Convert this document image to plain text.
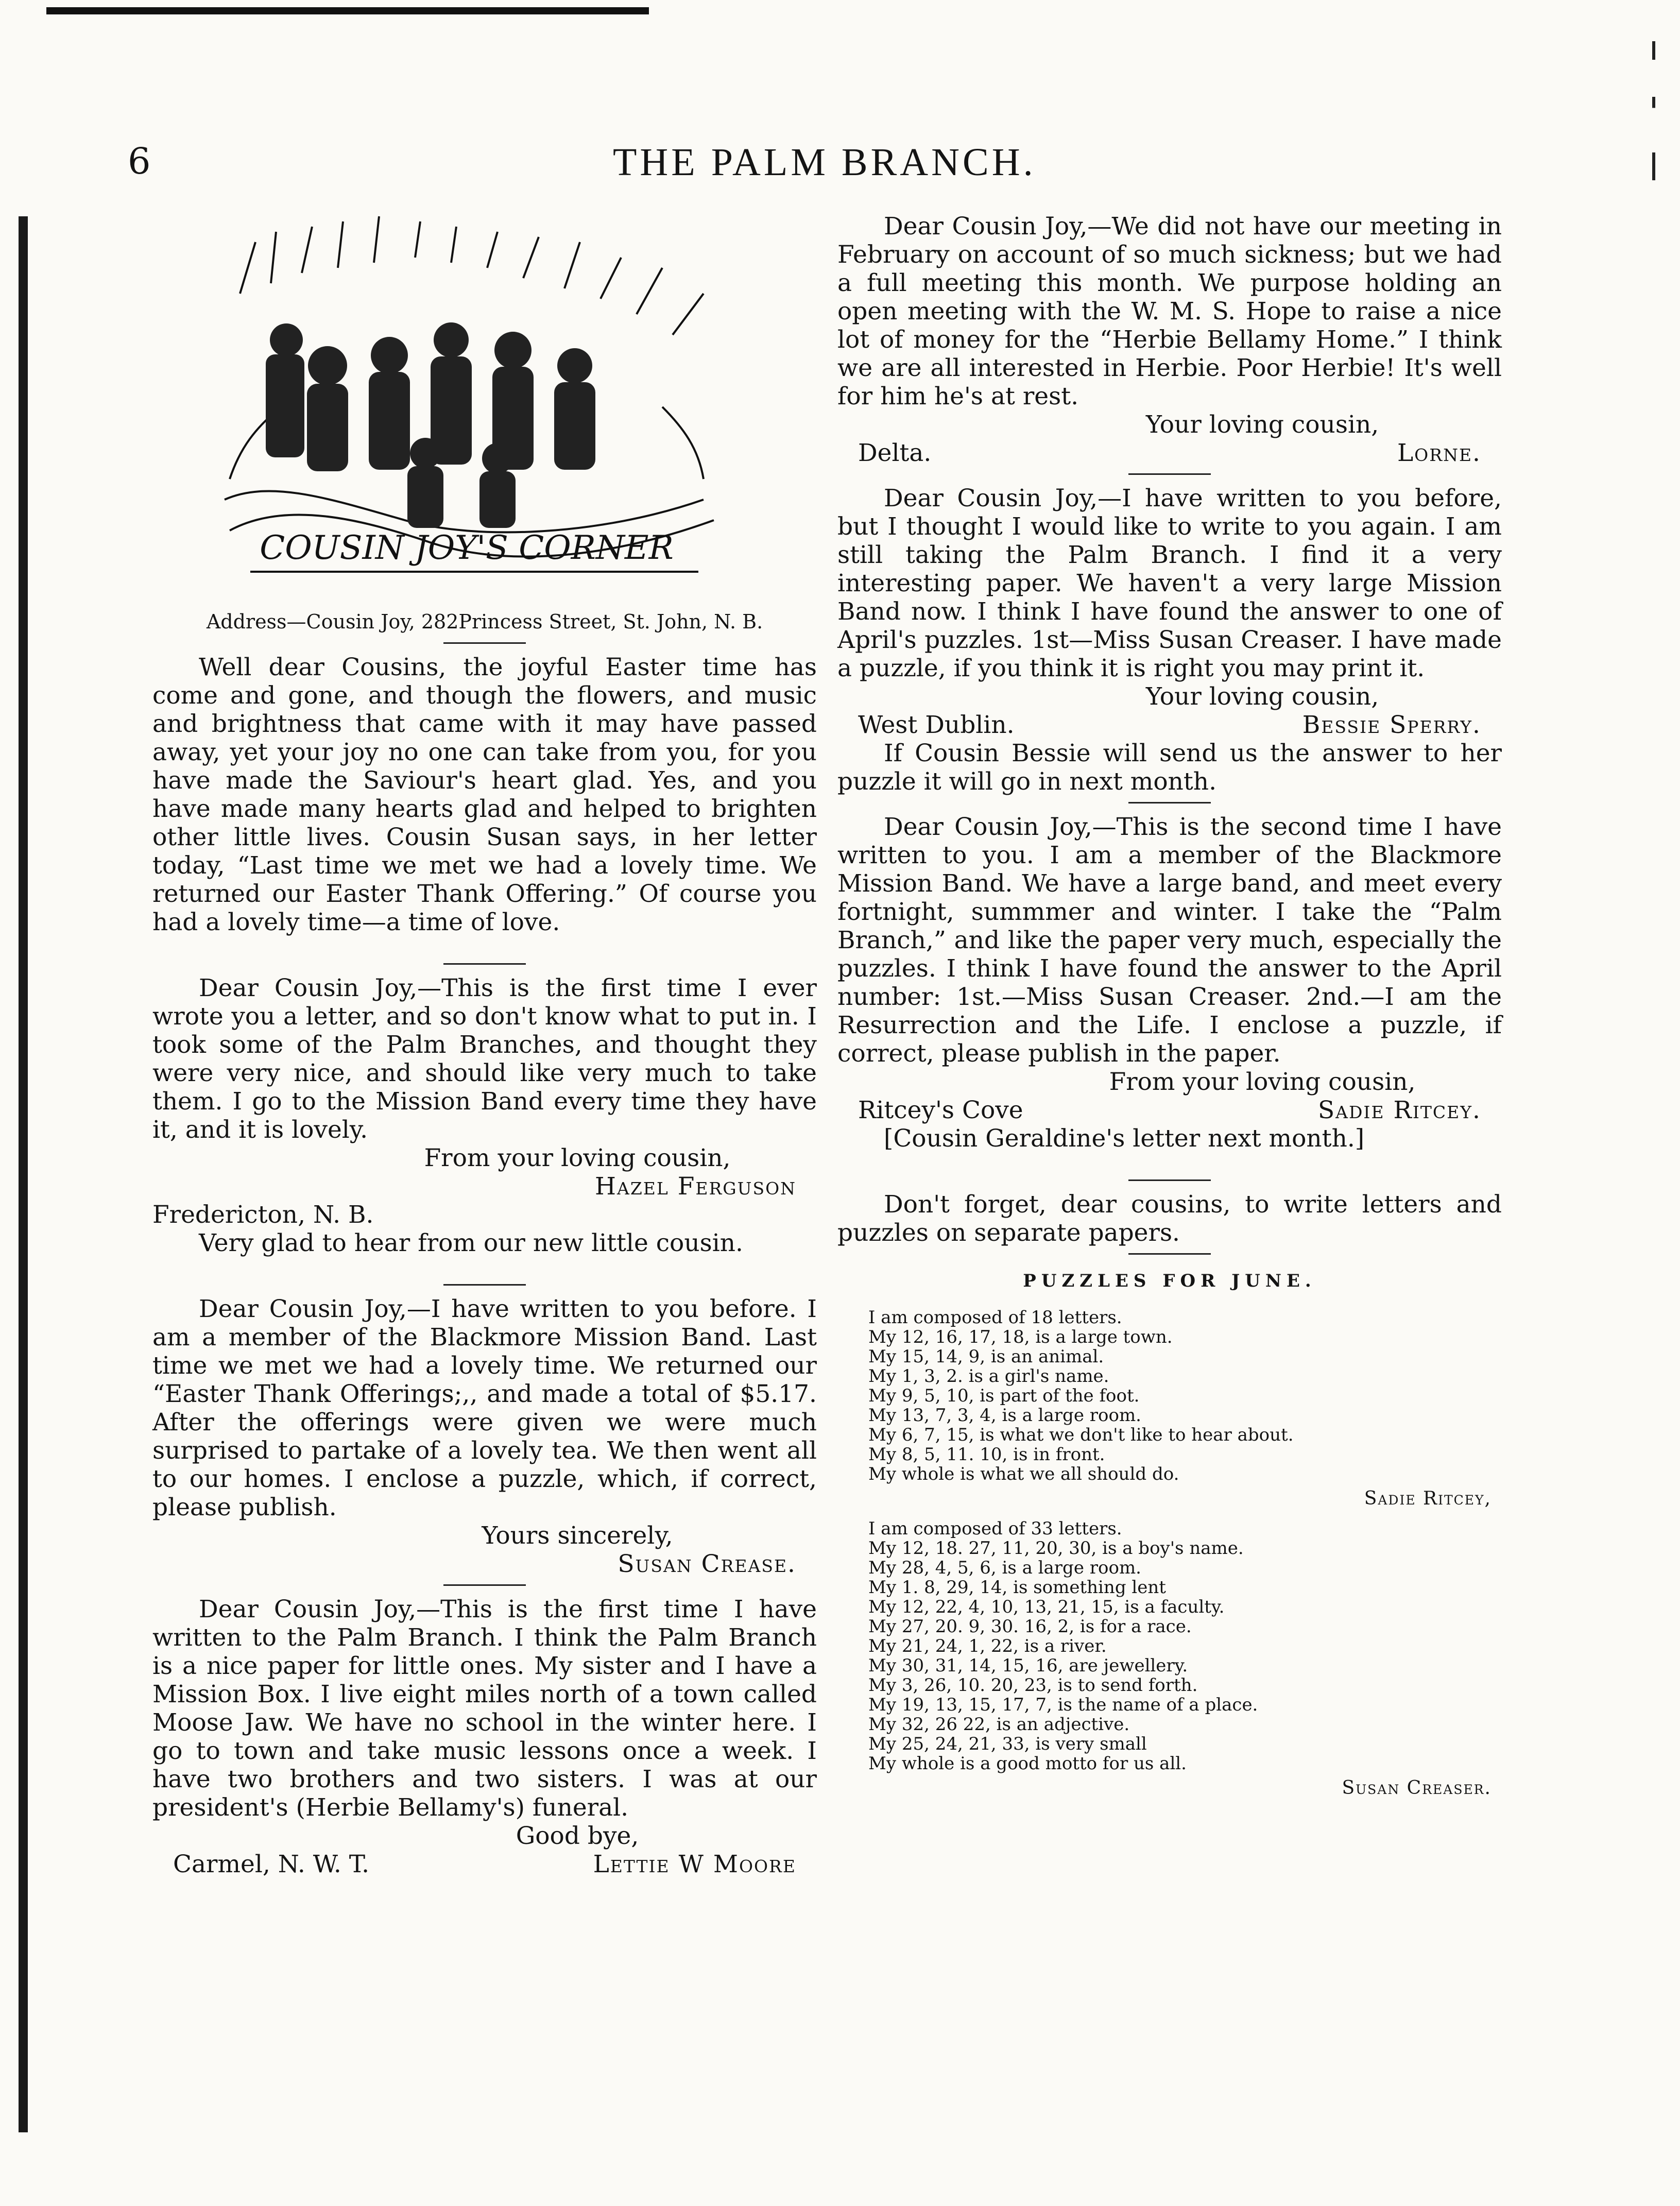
6	THE PALM BRANCH.
COUSIN JOY'S CORNER
Address—Cousin Joy, 282Princess Street, St. John, N. B.

Well dear Cousins, the joyful Easter time has come and gone, and though the flowers, and music and brightness that came with it may have passed away, yet your joy no one can take from you, for you have made the Saviour's heart glad. Yes, and you have made many hearts glad and helped to brighten other little lives. Cousin Susan says, in her letter today, “Last time we met we had a lovely time. We returned our Easter Thank Offering.” Of course you had a lovely time—a time of love.

Dear Cousin Joy,—This is the first time I ever wrote you a letter, and so don't know what to put in. I took some of the Palm Branches, and thought they were very nice, and should like very much to take them. I go to the Mission Band every time they have it, and it is lovely.

From your loving cousin,
Hazel Ferguson
Fredericton, N. B.

Very glad to hear from our new little cousin.

Dear Cousin Joy,—I have written to you before. I am a member of the Blackmore Mission Band. Last time we met we had a lovely time. We returned our “Easter Thank Offerings;,, and made a total of $5.17. After the offerings were given we were much surprised to partake of a lovely tea. We then went all to our homes. I enclose a puzzle, which, if correct, please publish.

Yours sincerely,
Susan Crease.

Dear Cousin Joy,—This is the first time I have written to the Palm Branch. I think the Palm Branch is a nice paper for little ones. My sister and I have a Mission Box. I live eight miles north of a town called Moose Jaw. We have no school in the winter here. I go to town and take music lessons once a week. I have two brothers and two sisters. I was at our president's (Herbie Bellamy's) funeral.

Good bye,
Carmel, N. W. T.	Lettie W Moore

Dear Cousin Joy,—We did not have our meeting in February on account of so much sickness; but we had a full meeting this month. We purpose holding an open meeting with the W. M. S. Hope to raise a nice lot of money for the “Herbie Bellamy Home.” I think we are all interested in Herbie. Poor Herbie! It's well for him he's at rest.

Your loving cousin,
Delta.	Lorne.

Dear Cousin Joy,—I have written to you before, but I thought I would like to write to you again. I am still taking the Palm Branch. I find it a very interesting paper. We haven't a very large Mission Band now. I think I have found the answer to one of April's puzzles. 1st—Miss Susan Creaser. I have made a puzzle, if you think it is right you may print it.

Your loving cousin,
West Dublin.	Bessie Sperry.

If Cousin Bessie will send us the answer to her puzzle it will go in next month.

Dear Cousin Joy,—This is the second time I have written to you. I am a member of the Blackmore Mission Band. We have a large band, and meet every fortnight, summmer and winter. I take the “Palm Branch,” and like the paper very much, especially the puzzles. I think I have found the answer to the April number: 1st.—Miss Susan Creaser. 2nd.—I am the Resurrection and the Life. I enclose a puzzle, if correct, please publish in the paper.

From your loving cousin,
Ritcey's Cove	Sadie Ritcey.

[Cousin Geraldine's letter next month.]

Don't forget, dear cousins, to write letters and puzzles on separate papers.

PUZZLES FOR JUNE.
I am composed of 18 letters.
My 12, 16, 17, 18, is a large town.
My 15, 14, 9, is an animal.
My 1, 3, 2. is a girl's name.
My 9, 5, 10, is part of the foot.
My 13, 7, 3, 4, is a large room.
My 6, 7, 15, is what we don't like to hear about.
My 8, 5, 11. 10, is in front.
My whole is what we all should do.
Sadie Ritcey,
I am composed of 33 letters.
My 12, 18. 27, 11, 20, 30, is a boy's name.
My 28, 4, 5, 6, is a large room.
My 1. 8, 29, 14, is something lent
My 12, 22, 4, 10, 13, 21, 15, is a faculty.
My 27, 20. 9, 30. 16, 2, is for a race.
My 21, 24, 1, 22, is a river.
My 30, 31, 14, 15, 16, are jewellery.
My 3, 26, 10. 20, 23, is to send forth.
My 19, 13, 15, 17, 7, is the name of a place.
My 32, 26 22, is an adjective.
My 25, 24, 21, 33, is very small
My whole is a good motto for us all.
Susan Creaser.
